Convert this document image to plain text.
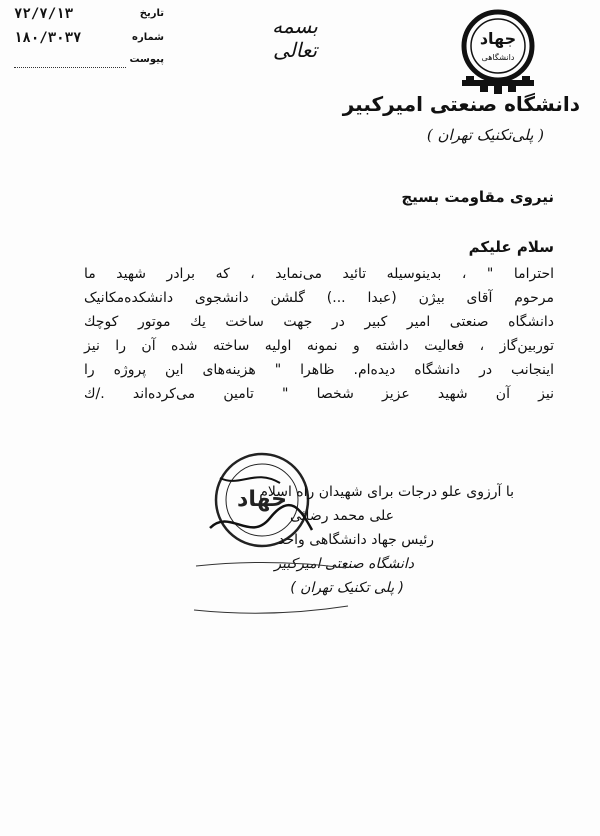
۷۲/۷/۱۳	تاریخ
۱۸۰/۳۰۳۷	شماره
پیوست
بسمه تعالی	جهاد
دانشگاهی
دانشگاه صنعتی امیرکبیر
( پلی‌تکنیک تهران )
نیروی مقاومت بسیج
سلام علیکم
احتراما " ، بدینوسیله تائید می‌نماید ، که برادر شهید ما
مرحوم آقای بیژن (عبدا ...) گلشن دانشجوی دانشکده‌مکانیک
دانشگاه صنعتی امیر کبیر در جهت ساخت یك موتور کوچك
توربین‌گاز ، فعالیت داشته و نمونه اولیه ساخته شده آن را نیز
اینجانب در دانشگاه دیده‌ام. ظاهرا " هزینه‌های این پروژه را
نیز آن شهید عزیز شخصا " تامین می‌کرده‌اند ./ك
جهاد
با آرزوی علو درجات برای شهیدان راه اسلام
علی محمد رضائی
رئیس جهاد دانشگاهی واحد
دانشگاه صنعتی امیرکبیر
( پلی تکنیک تهران )
